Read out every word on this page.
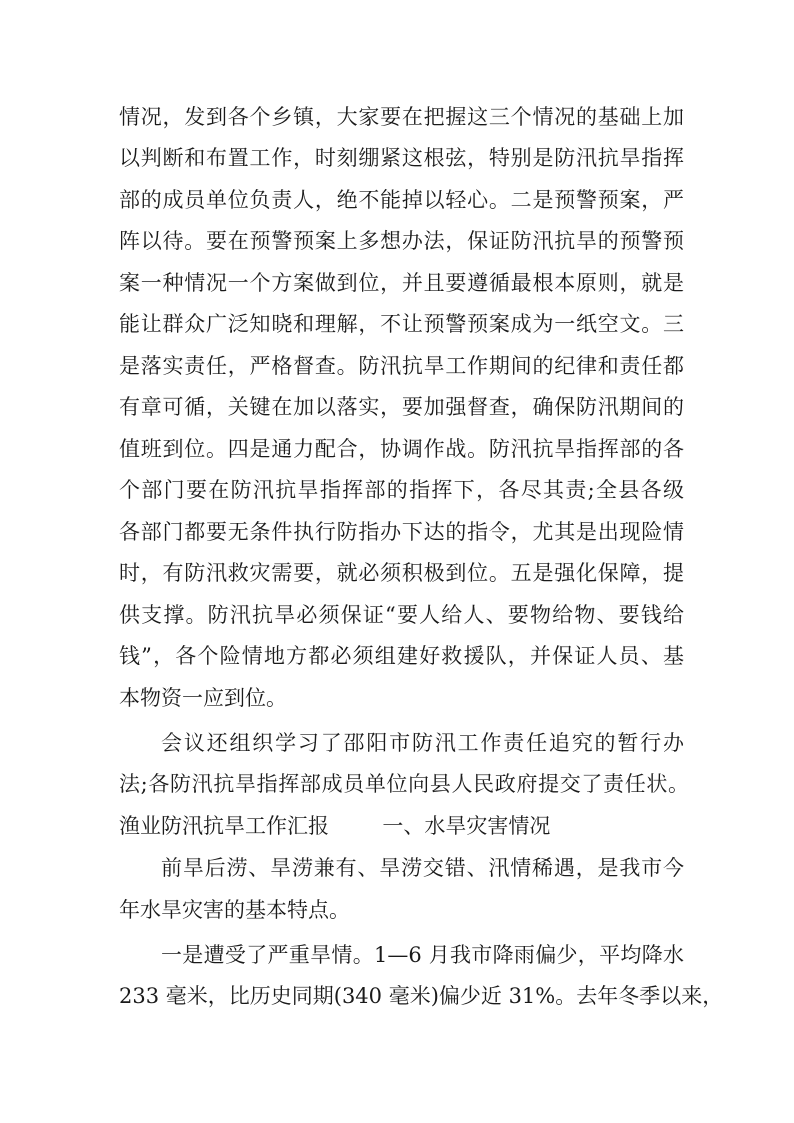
情况，发到各个乡镇，大家要在把握这三个情况的基础上加

以判断和布置工作，时刻绷紧这根弦，特别是防汛抗旱指挥

部的成员单位负责人，绝不能掉以轻心。二是预警预案，严

阵以待。要在预警预案上多想办法，保证防汛抗旱的预警预

案一种情况一个方案做到位，并且要遵循最根本原则，就是

能让群众广泛知晓和理解，不让预警预案成为一纸空文。三

是落实责任，严格督查。防汛抗旱工作期间的纪律和责任都

有章可循，关键在加以落实，要加强督查，确保防汛期间的

值班到位。四是通力配合，协调作战。防汛抗旱指挥部的各

个部门要在防汛抗旱指挥部的指挥下，各尽其责;全县各级

各部门都要无条件执行防指办下达的指令，尤其是出现险情

时，有防汛救灾需要，就必须积极到位。五是强化保障，提

供支撑。防汛抗旱必须保证“要人给人、要物给物、要钱给

钱”，各个险情地方都必须组建好救援队，并保证人员、基

本物资一应到位。

会议还组织学习了邵阳市防汛工作责任追究的暂行办

法;各防汛抗旱指挥部成员单位向县人民政府提交了责任状。

渔业防汛抗旱工作汇报        一、水旱灾害情况

前旱后涝、旱涝兼有、旱涝交错、汛情稀遇，是我市今

年水旱灾害的基本特点。

一是遭受了严重旱情。1—6 月我市降雨偏少，平均降水

233 毫米，比历史同期(340 毫米)偏少近 31%。去年冬季以来，
